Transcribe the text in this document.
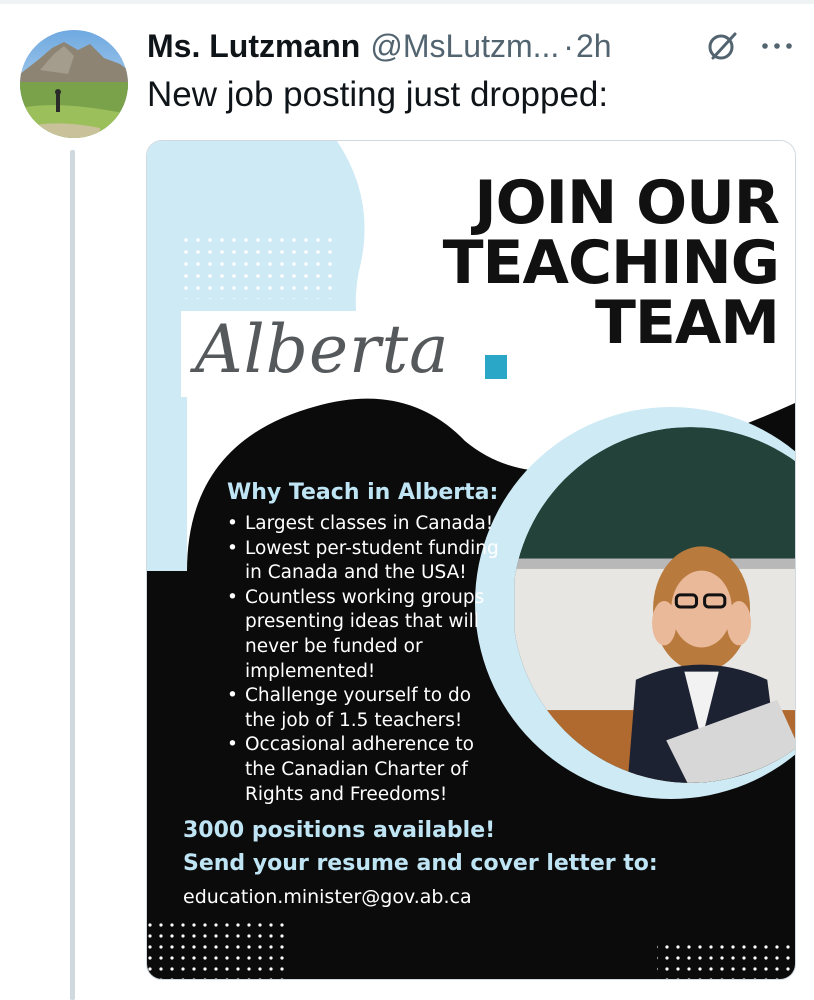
Ms. Lutzmann @MsLutzm... · 2h
New job posting just dropped:
JOIN OUR
TEACHING
TEAM
Alberta
Why Teach in Alberta:
• Largest classes in Canada!
• Lowest per-student funding
in Canada and the USA!
• Countless working groups
presenting ideas that will
never be funded or
implemented!
• Challenge yourself to do
the job of 1.5 teachers!
• Occasional adherence to
the Canadian Charter of
Rights and Freedoms!
3000 positions available!
Send your resume and cover letter to:
education.minister@gov.ab.ca
